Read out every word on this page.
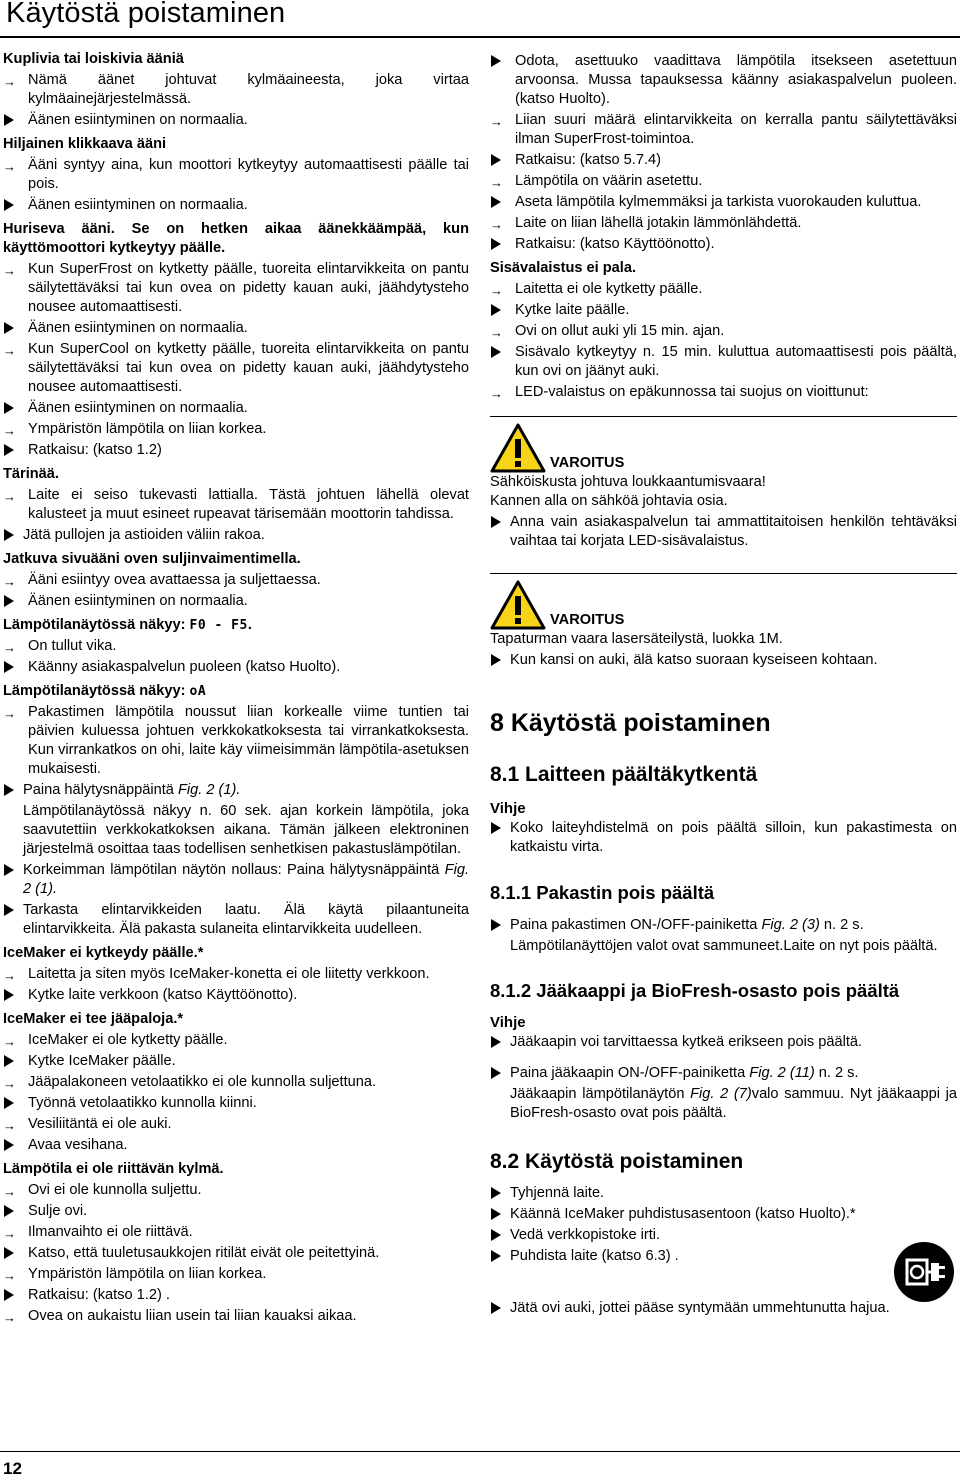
Käytöstä poistaminen

Kuplivia tai loiskivia ääniä

→ Nämä äänet johtuvat kylmäaineesta, joka virtaa kylmäainejärjestelmässä.

Äänen esiintyminen on normaalia.

Hiljainen klikkaava ääni

→ Ääni syntyy aina, kun moottori kytkeytyy automaattisesti päälle tai pois.

Äänen esiintyminen on normaalia.

Huriseva ääni. Se on hetken aikaa äänekkäämpää, kun käyttömoottori kytkeytyy päälle.

→ Kun SuperFrost on kytketty päälle, tuoreita elintarvikkeita on pantu säilytettäväksi tai kun ovea on pidetty kauan auki, jäähdytysteho nousee automaattisesti.

Äänen esiintyminen on normaalia.

→ Kun SuperCool on kytketty päälle, tuoreita elintarvikkeita on pantu säilytettäväksi tai kun ovea on pidetty kauan auki, jäähdytysteho nousee automaattisesti.

Äänen esiintyminen on normaalia.

→ Ympäristön lämpötila on liian korkea.

Ratkaisu: (katso 1.2)

Tärinää.

→ Laite ei seiso tukevasti lattialla. Tästä johtuen lähellä olevat kalusteet ja muut esineet rupeavat tärisemään moottorin tahdissa.

Jätä pullojen ja astioiden väliin rakoa.

Jatkuva sivuääni oven suljinvaimentimella.

→ Ääni esiintyy ovea avattaessa ja suljettaessa.

Äänen esiintyminen on normaalia.

Lämpötilanäytössä näkyy: F0 - F5.

→ On tullut vika.

Käänny asiakaspalvelun puoleen (katso Huolto).

Lämpötilanäytössä näkyy: oA

→ Pakastimen lämpötila noussut liian korkealle viime tuntien tai päivien kuluessa johtuen verkkokatkoksesta tai virrankatkoksesta. Kun virrankatkos on ohi, laite käy viimeisimmän lämpötila-asetuksen mukaisesti.

Paina hälytysnäppäintä Fig. 2 (1).

Lämpötilanäytössä näkyy n. 60 sek. ajan korkein lämpötila, joka saavutettiin verkkokatkoksen aikana. Tämän jälkeen elektroninen järjestelmä osoittaa taas todellisen senhetkisen pakastuslämpötilan.

Korkeimman lämpötilan näytön nollaus: Paina hälytysnäppäintä Fig. 2 (1).

Tarkasta elintarvikkeiden laatu. Älä käytä pilaantuneita elintarvikkeita. Älä pakasta sulaneita elintarvikkeita uudelleen.

IceMaker ei kytkeydy päälle.*

→ Laitetta ja siten myös IceMaker-konetta ei ole liitetty verkkoon.

Kytke laite verkkoon (katso Käyttöönotto).

IceMaker ei tee jääpaloja.*

→ IceMaker ei ole kytketty päälle.

Kytke IceMaker päälle.

→ Jääpalakoneen vetolaatikko ei ole kunnolla suljettuna.

Työnnä vetolaatikko kunnolla kiinni.

→ Vesiliitäntä ei ole auki.

Avaa vesihana.

Lämpötila ei ole riittävän kylmä.

→ Ovi ei ole kunnolla suljettu.

Sulje ovi.

→ Ilmanvaihto ei ole riittävä.

Katso, että tuuletusaukkojen ritilät eivät ole peitettyinä.

→ Ympäristön lämpötila on liian korkea.

Ratkaisu: (katso 1.2) .

→ Ovea on aukaistu liian usein tai liian kauaksi aikaa.

Odota, asettuuko vaadittava lämpötila itsekseen asetettuun arvoonsa. Mussa tapauksessa käänny asiakaspalvelun puoleen. (katso Huolto).

→ Liian suuri määrä elintarvikkeita on kerralla pantu säilytettäväksi ilman SuperFrost-toimintoa.

Ratkaisu: (katso 5.7.4)

→ Lämpötila on väärin asetettu.

Aseta lämpötila kylmemmäksi ja tarkista vuorokauden kuluttua.

→ Laite on liian lähellä jotakin lämmönlähdettä.

Ratkaisu: (katso Käyttöönotto).

Sisävalaistus ei pala.

→ Laitetta ei ole kytketty päälle.

Kytke laite päälle.

→ Ovi on ollut auki yli 15 min. ajan.

Sisävalo kytkeytyy n. 15 min. kuluttua automaattisesti pois päältä, kun ovi on jäänyt auki.

→ LED-valaistus on epäkunnossa tai suojus on vioittunut:

VAROITUS

Sähköiskusta johtuva loukkaantumisvaara!

Kannen alla on sähköä johtavia osia.

Anna vain asiakaspalvelun tai ammattitaitoisen henkilön tehtäväksi vaihtaa tai korjata LED-sisävalaistus.

VAROITUS

Tapaturman vaara lasersäteilystä, luokka 1M.

Kun kansi on auki, älä katso suoraan kyseiseen kohtaan.

8 Käytöstä poistaminen
8.1 Laitteen päältäkytkentä
Vihje

Koko laiteyhdistelmä on pois päältä silloin, kun pakastimesta on katkaistu virta.

8.1.1 Pakastin pois päältä

Paina pakastimen ON-/OFF-painiketta Fig. 2 (3) n. 2 s.

Lämpötilanäyttöjen valot ovat sammuneet.Laite on nyt pois päältä.

8.1.2 Jääkaappi ja BioFresh-osasto pois päältä
Vihje

Jääkaapin voi tarvittaessa kytkeä erikseen pois päältä.

Paina jääkaapin ON-/OFF-painiketta Fig. 2 (11) n. 2 s.

Jääkaapin lämpötilanäytön Fig. 2 (7)valo sammuu. Nyt jääkaappi ja BioFresh-osasto ovat pois päältä.

8.2 Käytöstä poistaminen

Tyhjennä laite.

Käännä IceMaker puhdistusasentoon (katso Huolto).*

Vedä verkkopistoke irti.

Puhdista laite (katso 6.3) .

Jätä ovi auki, jottei pääse syntymään ummehtunutta hajua.

12
